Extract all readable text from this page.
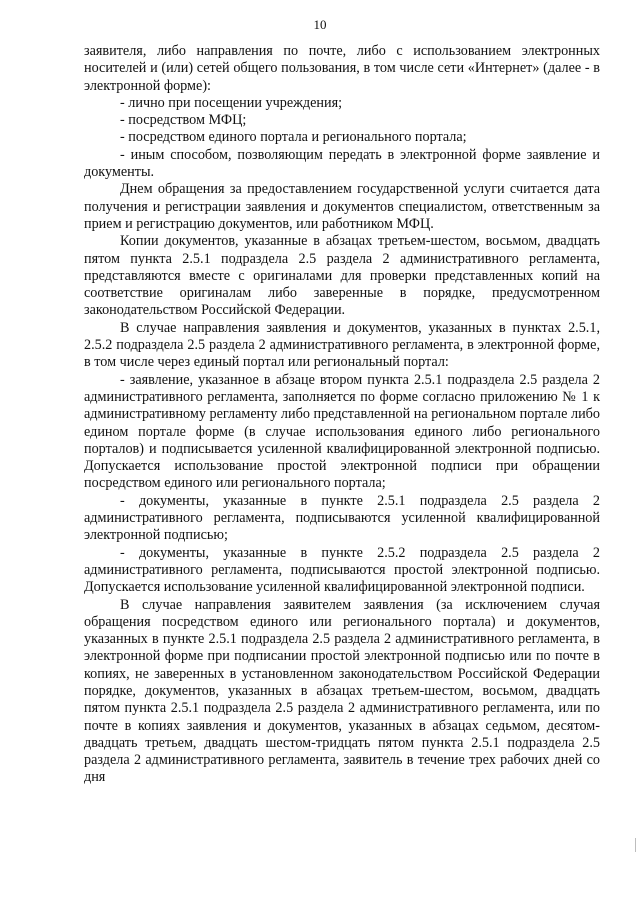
10

заявителя, либо направления по почте, либо с использованием электронных носителей и (или) сетей общего пользования, в том числе сети «Интернет» (далее - в электронной форме):

- лично при посещении учреждения;

- посредством МФЦ;

- посредством единого портала и регионального портала;

- иным способом, позволяющим передать в электронной форме заявление и документы.

Днем обращения за предоставлением государственной услуги считается дата получения и регистрации заявления и документов специалистом, ответственным за прием и регистрацию документов, или работником МФЦ.

Копии документов, указанные в абзацах третьем-шестом, восьмом, двадцать пятом пункта 2.5.1 подраздела 2.5 раздела 2 административного регламента, представляются вместе с оригиналами для проверки представленных копий на соответствие оригиналам либо заверенные в порядке, предусмотренном законодательством Российской Федерации.

В случае направления заявления и документов, указанных в пунктах 2.5.1, 2.5.2 подраздела 2.5 раздела 2 административного регламента, в электронной форме, в том числе через единый портал или региональный портал:

- заявление, указанное в абзаце втором пункта 2.5.1 подраздела 2.5 раздела 2 административного регламента, заполняется по форме согласно приложению № 1 к административному регламенту либо представленной на региональном портале либо едином портале форме (в случае использования единого либо регионального порталов) и подписывается усиленной квалифицированной электронной подписью. Допускается использование простой электронной подписи при обращении посредством единого или регионального портала;

- документы, указанные в пункте 2.5.1 подраздела 2.5 раздела 2 административного регламента, подписываются усиленной квалифицированной электронной подписью;

- документы, указанные в пункте 2.5.2 подраздела 2.5 раздела 2 административного регламента, подписываются простой электронной подписью. Допускается использование усиленной квалифицированной электронной подписи.

В случае направления заявителем заявления (за исключением случая обращения посредством единого или регионального портала) и документов, указанных в пункте 2.5.1 подраздела 2.5 раздела 2 административного регламента, в электронной форме при подписании простой электронной подписью или по почте в копиях, не заверенных в установленном законодательством Российской Федерации порядке, документов, указанных в абзацах третьем-шестом, восьмом, двадцать пятом пункта 2.5.1 подраздела 2.5 раздела 2 административного регламента, или по почте в копиях заявления и документов, указанных в абзацах седьмом, десятом-двадцать третьем, двадцать шестом-тридцать пятом пункта 2.5.1 подраздела 2.5 раздела 2 административного регламента, заявитель в течение трех рабочих дней со дня
